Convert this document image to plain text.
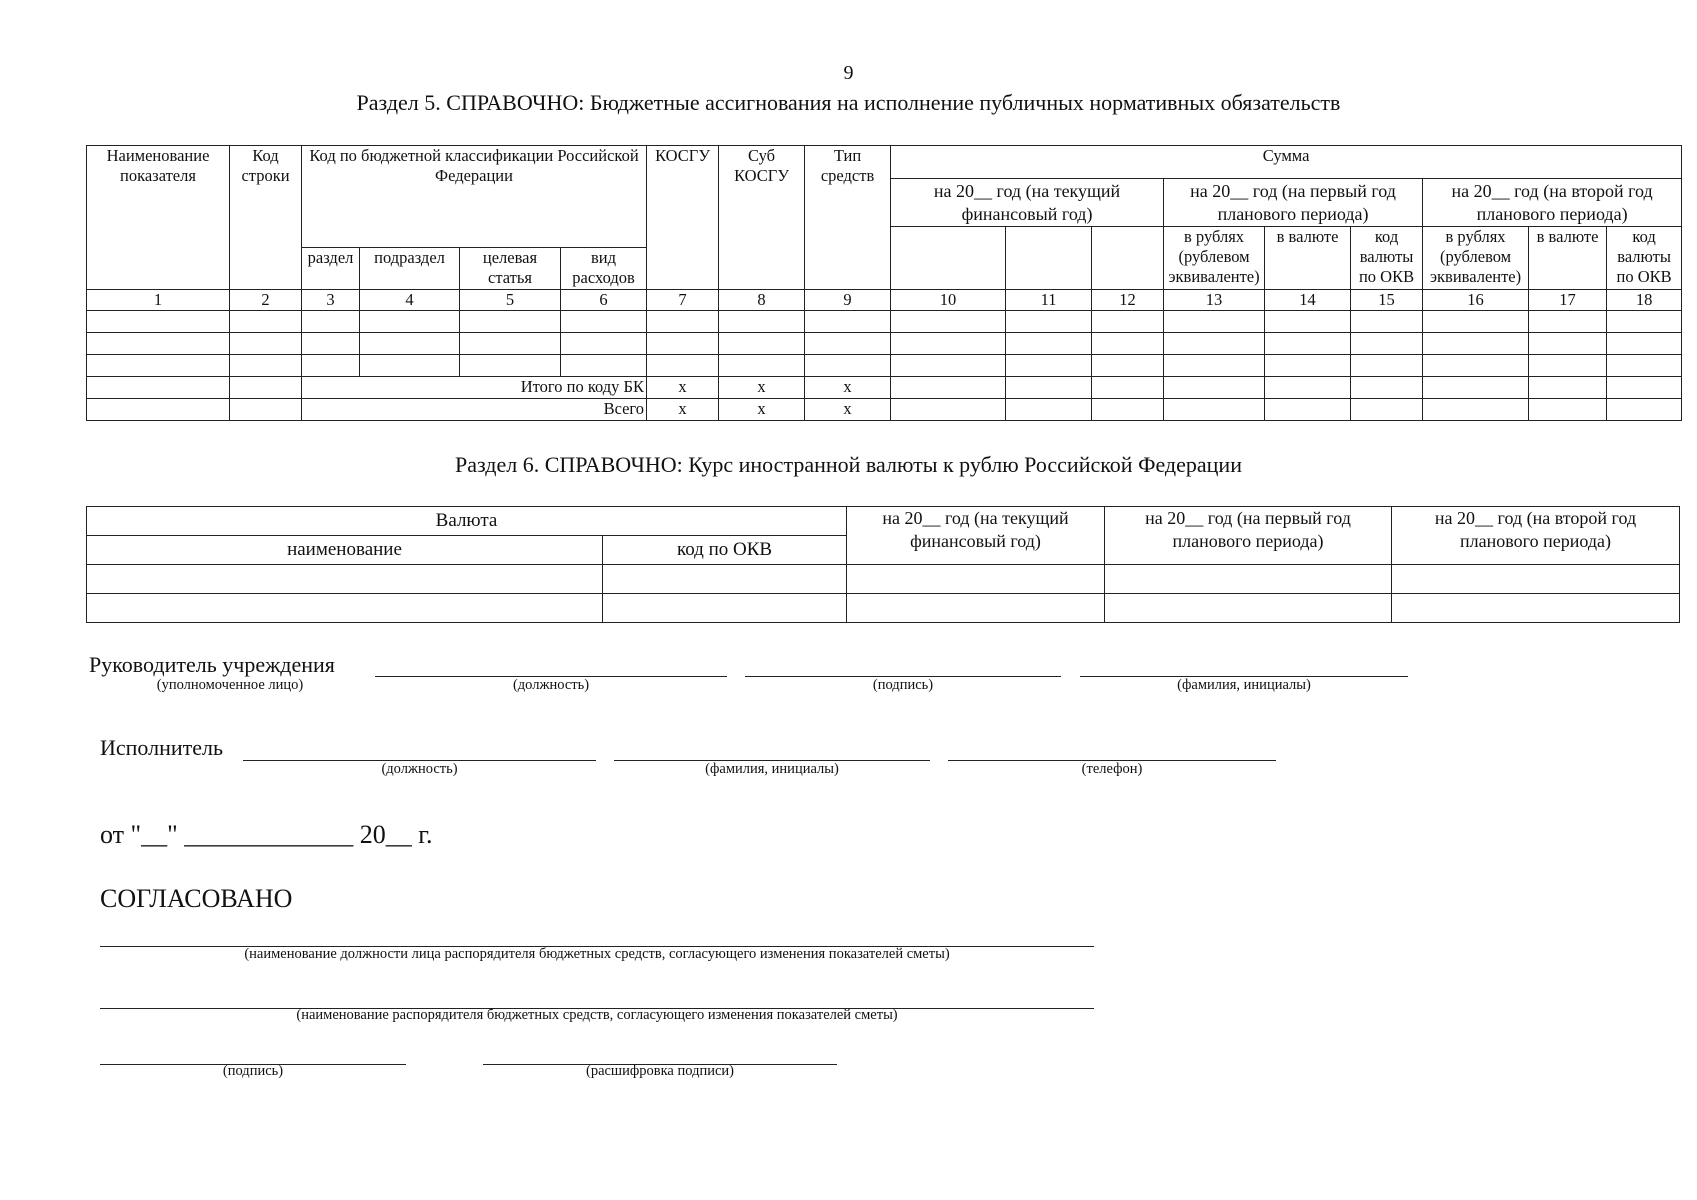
9
Раздел 5. СПРАВОЧНО: Бюджетные ассигнования на исполнение публичных нормативных обязательств
Наименование показателя	Код строки	Код по бюджетной классификации Российской Федерации				КОСГУ	Суб КОСГУ	Тип средств	Сумма								
									на 20__ год (на текущий финансовый год)			на 20__ год (на первый год планового периода)			на 20__ год (на второй год планового периода)		
												в рублях (рублевом эквиваленте)	в валюте	код валюты по ОКВ	в рублях (рублевом эквиваленте)	в валюте	код валюты по ОКВ
		раздел	подраздел	целевая статья	вид расходов												
1	2	3	4	5	6	7	8	9	10	11	12	13	14	15	16	17	18

		Итого по коду БК				x	x	x									
		Всего				x	x	x									
Раздел 6. СПРАВОЧНО: Курс иностранной валюты к рублю Российской Федерации
Валюта		на 20__ год (на текущий финансовый год)	на 20__ год (на первый год планового периода)	на 20__ год (на второй год планового периода)
наименование	код по ОКВ			

Руководитель учреждения
(уполномоченное лицо)	(должность)	(подпись)	(фамилия, инициалы)
Исполнитель
(должность)	(фамилия, инициалы)	(телефон)
от "__" _____________ 20__ г.
СОГЛАСОВАНО
(наименование должности лица распорядителя бюджетных средств, согласующего изменения показателей сметы)
(наименование распорядителя бюджетных средств, согласующего изменения показателей сметы)
(подпись)	(расшифровка подписи)
